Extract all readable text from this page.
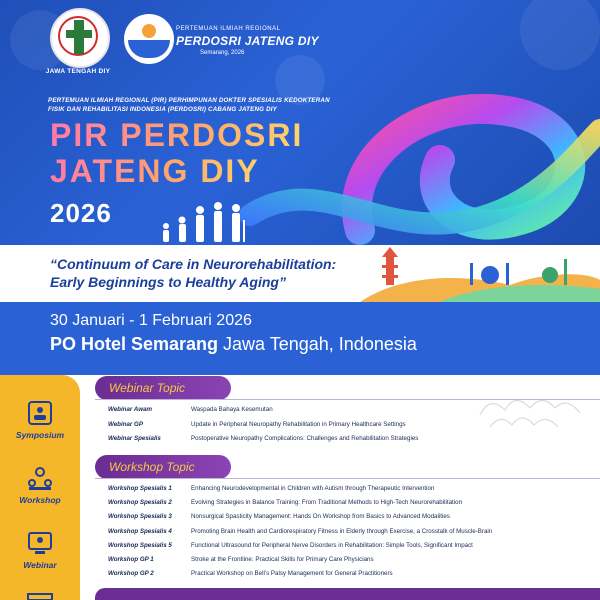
JAWA TENGAH DIY
PERTEMUAN ILMIAH REGIONAL
PERDOSRI JATENG DIY
Semarang, 2026
PERTEMUAN ILMIAH REGIONAL (PIR) PERHIMPUNAN DOKTER SPESIALIS KEDOKTERAN FISIK DAN REHABILITASI INDONESIA (PERDOSRI) CABANG JATENG DIY
PIR PERDOSRI
JATENG DIY
2026
“Continuum of Care in Neurorehabilitation:
Early Beginnings to Healthy Aging”
30 Januari - 1 Februari 2026
PO Hotel Semarang Jawa Tengah, Indonesia
Symposium
Workshop
Webinar
Webinar Topic
Webinar Awam	Waspada Bahaya Kesemutan
Webinar GP	Update in Peripheral Neuropathy Rehabilitation in Primary Healthcare Settings
Webinar Spesialis	Postoperative Neuropathy Complications: Challenges and Rehabilitation Strategies
Workshop Topic
Workshop Spesialis 1	Enhancing Neurodevelopmental in Children with Autism through Therapeutic Intervention
Workshop Spesialis 2	Evolving Strategies in Balance Training: From Traditional Methods to High-Tech Neurorehabilitation
Workshop Spesialis 3	Nonsurgical Spasticity Management: Hands On Workshop from Basics to Advanced Modalities
Workshop Spesialis 4	Promoting Brain Health and Cardiorespiratory Fitness in Elderly through Exercise, a Crosstalk of Muscle-Brain
Workshop Spesialis 5	Functional Ultrasound for Peripheral Nerve Disorders in Rehabilitation: Simple Tools, Significant Impact
Workshop GP 1	Stroke at the Frontline: Practical Skills for Primary Care Physicians
Workshop GP 2	Practical Workshop on Bell’s Palsy Management for General Practitioners
